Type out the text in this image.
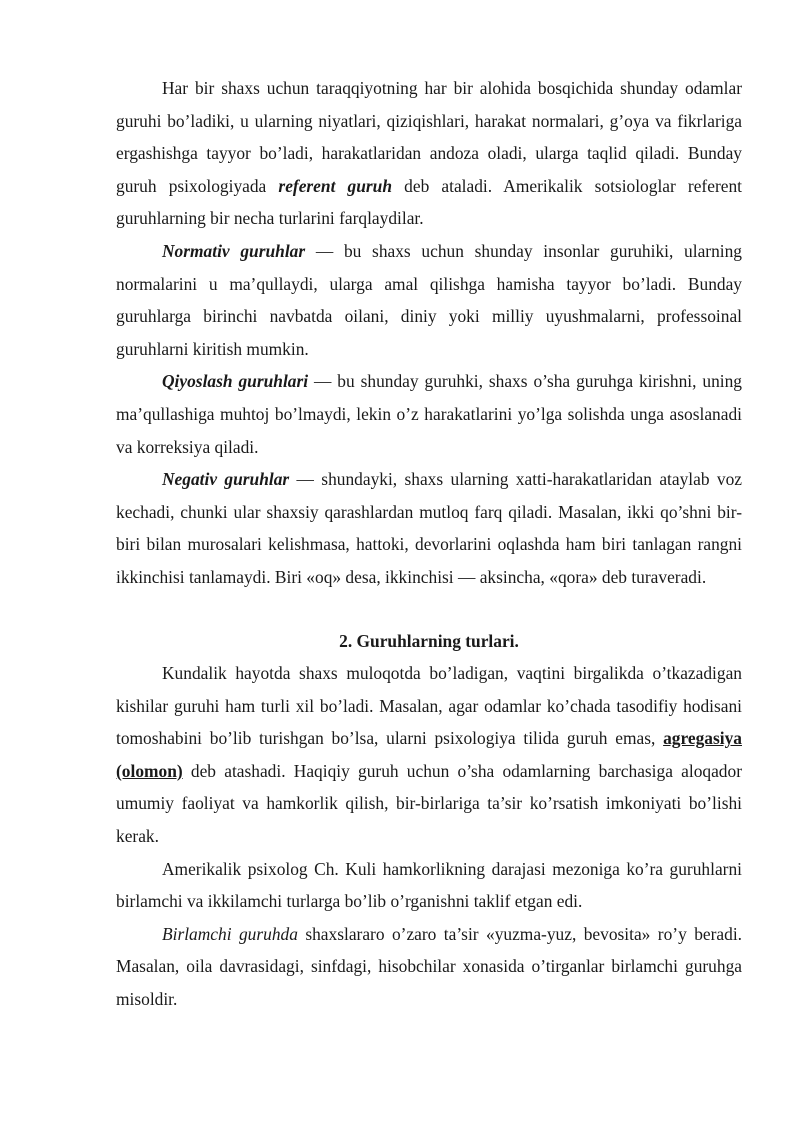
Har bir shaxs uchun taraqqiyotning har bir alohida bosqichida shunday odamlar guruhi bo’ladiki, u ularning niyatlari, qiziqishlari, harakat normalari, g’oya va fikrlariga ergashishga tayyor bo’ladi, harakatlaridan andoza oladi, ularga taqlid qiladi. Bunday guruh psixologiyada referent guruh deb ataladi. Amerikalik sotsiologlar referent guruhlarning bir necha turlarini farqlaydilar.

Normativ guruhlar — bu shaxs uchun shunday insonlar guruhiki, ularning normalarini u ma’qullaydi, ularga amal qilishga hamisha tayyor bo’ladi. Bunday guruhlarga birinchi navbatda oilani, diniy yoki milliy uyushmalarni, professoinal guruhlarni kiritish mumkin.

Qiyoslash guruhlari — bu shunday guruhki, shaxs o’sha guruhga kirishni, uning ma’qullashiga muhtoj bo’lmaydi, lekin o’z harakatlarini yo’lga solishda unga asoslanadi va korreksiya qiladi.

Negativ guruhlar — shundayki, shaxs ularning xatti-harakatlaridan ataylab voz kechadi, chunki ular shaxsiy qarashlardan mutloq farq qiladi. Masalan, ikki qo’shni bir-biri bilan murosalari kelishmasa, hattoki, devorlarini oqlashda ham biri tanlagan rangni ikkinchisi tanlamaydi. Biri «oq» desa, ikkinchisi — aksincha, «qora» deb turaveradi.

2. Guruhlarning turlari.

Kundalik hayotda shaxs muloqotda bo’ladigan, vaqtini birgalikda o’tkazadigan kishilar guruhi ham turli xil bo’ladi. Masalan, agar odamlar ko’chada tasodifiy hodisani tomoshabini bo’lib turishgan bo’lsa, ularni psixologiya tilida guruh emas, agregasiya (olomon) deb atashadi. Haqiqiy guruh uchun o’sha odamlarning barchasiga aloqador umumiy faoliyat va hamkorlik qilish, bir-birlariga ta’sir ko’rsatish imkoniyati bo’lishi kerak.

Amerikalik psixolog Ch. Kuli hamkorlikning darajasi mezoniga ko’ra guruhlarni birlamchi va ikkilamchi turlarga bo’lib o’rganishni taklif etgan edi.

Birlamchi guruhda shaxslararo o’zaro ta’sir «yuzma-yuz, bevosita» ro’y beradi. Masalan, oila davrasidagi, sinfdagi, hisobchilar xonasida o’tirganlar birlamchi guruhga misoldir.
